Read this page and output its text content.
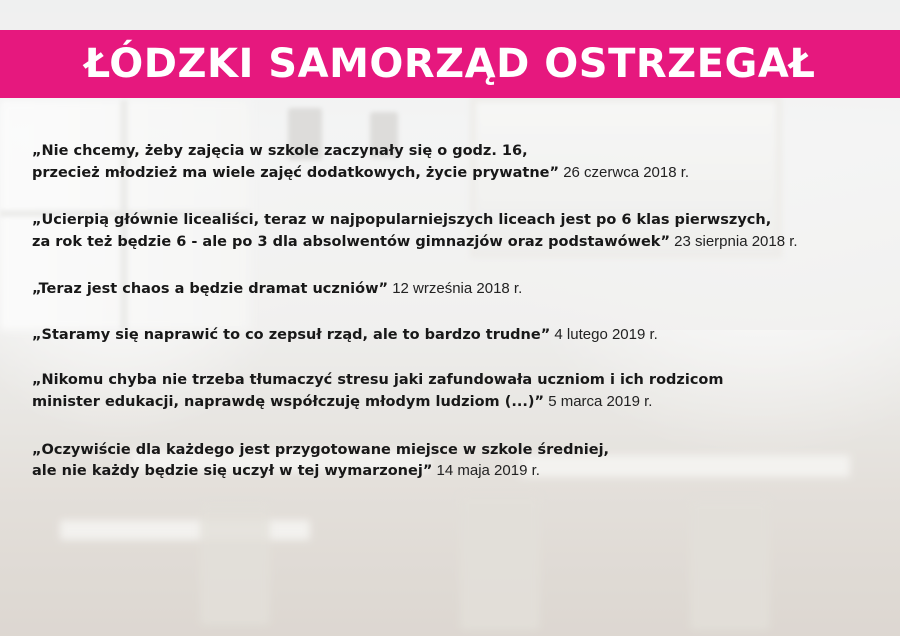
ŁÓDZKI SAMORZĄD OSTRZEGAŁ
„Nie chcemy, żeby zajęcia w szkole zaczynały się o godz. 16,
przecież młodzież ma wiele zajęć dodatkowych, życie prywatne” 26 czerwca 2018 r.
„Ucierpią głównie licealiści, teraz w najpopularniejszych liceach jest po 6 klas pierwszych,
za rok też będzie 6 - ale po 3 dla absolwentów gimnazjów oraz podstawówek” 23 sierpnia 2018 r.
„Teraz jest chaos a będzie dramat uczniów” 12 września 2018 r.
„Staramy się naprawić to co zepsuł rząd, ale to bardzo trudne” 4 lutego 2019 r.
„Nikomu chyba nie trzeba tłumaczyć stresu jaki zafundowała uczniom i ich rodzicom
minister edukacji, naprawdę współczuję młodym ludziom (...)” 5 marca 2019 r.
„Oczywiście dla każdego jest przygotowane miejsce w szkole średniej,
ale nie każdy będzie się uczył w tej wymarzonej” 14 maja 2019 r.
